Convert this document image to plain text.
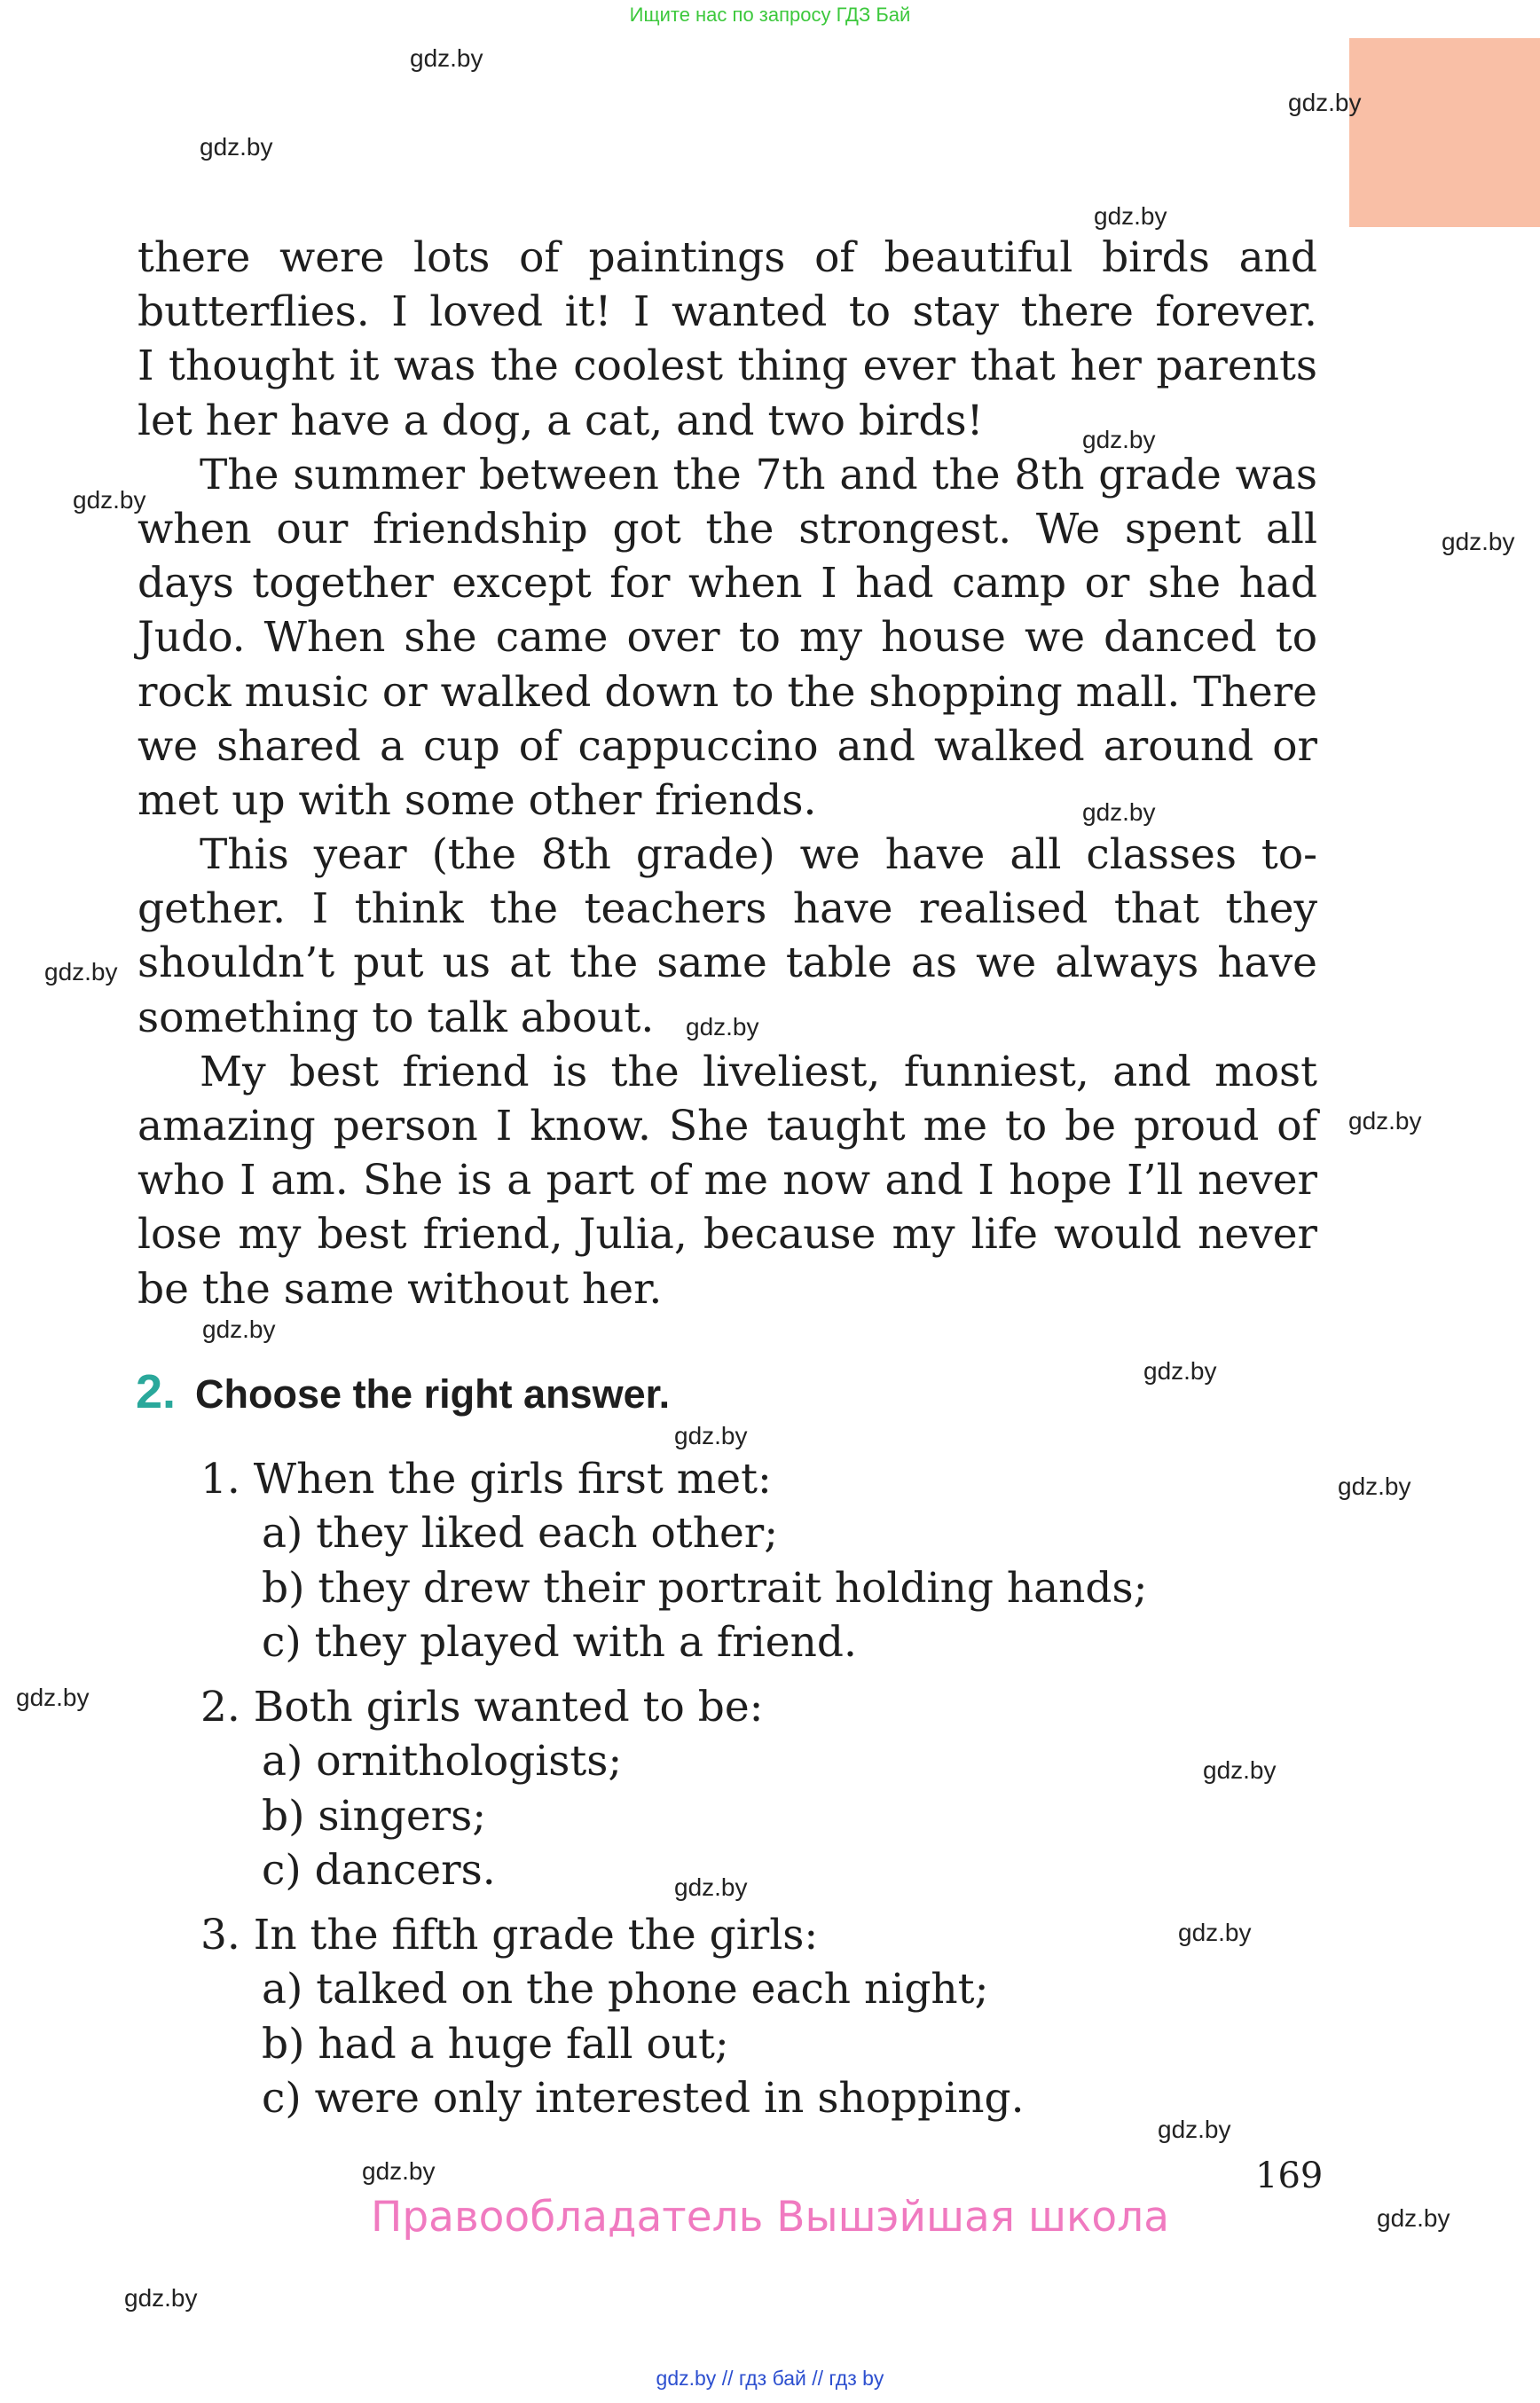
Ищите нас по запросу ГДЗ Бай
gdz.by
gdz.by
gdz.by
gdz.by
gdz.by
gdz.by
gdz.by
gdz.by
gdz.by
gdz.by
gdz.by
gdz.by
gdz.by
gdz.by
gdz.by
gdz.by
gdz.by
gdz.by
gdz.by
gdz.by
gdz.by
gdz.by
gdz.by
there were lots of paintings of beautiful birds and
butterflies. I loved it! I wanted to stay there forever.
I thought it was the coolest thing ever that her parents
let her have a dog, a cat, and two birds!
The summer between the 7th and the 8th grade was
when our friendship got the strongest. We spent all
days together except for when I had camp or she had
Judo. When she came over to my house we danced to
rock music or walked down to the shopping mall. There
we shared a cup of cappuccino and walked around or
met up with some other friends.
This year (the 8th grade) we have all classes to-
gether. I think the teachers have realised that they
shouldn’t put us at the same table as we always have
something to talk about.
My best friend is the liveliest, funniest, and most
amazing person I know. She taught me to be proud of
who I am. She is a part of me now and I hope I’ll never
lose my best friend, Julia, because my life would never
be the same without her.
2. Choose the right answer.
1. When the girls first met:
a) they liked each other;
b) they drew their portrait holding hands;
c) they played with a friend.
2. Both girls wanted to be:
a) ornithologists;
b) singers;
c) dancers.
3. In the fifth grade the girls:
a) talked on the phone each night;
b) had a huge fall out;
c) were only interested in shopping.
169
Правообладатель Вышэйшая школа
gdz.by // гдз бай // гдз by
